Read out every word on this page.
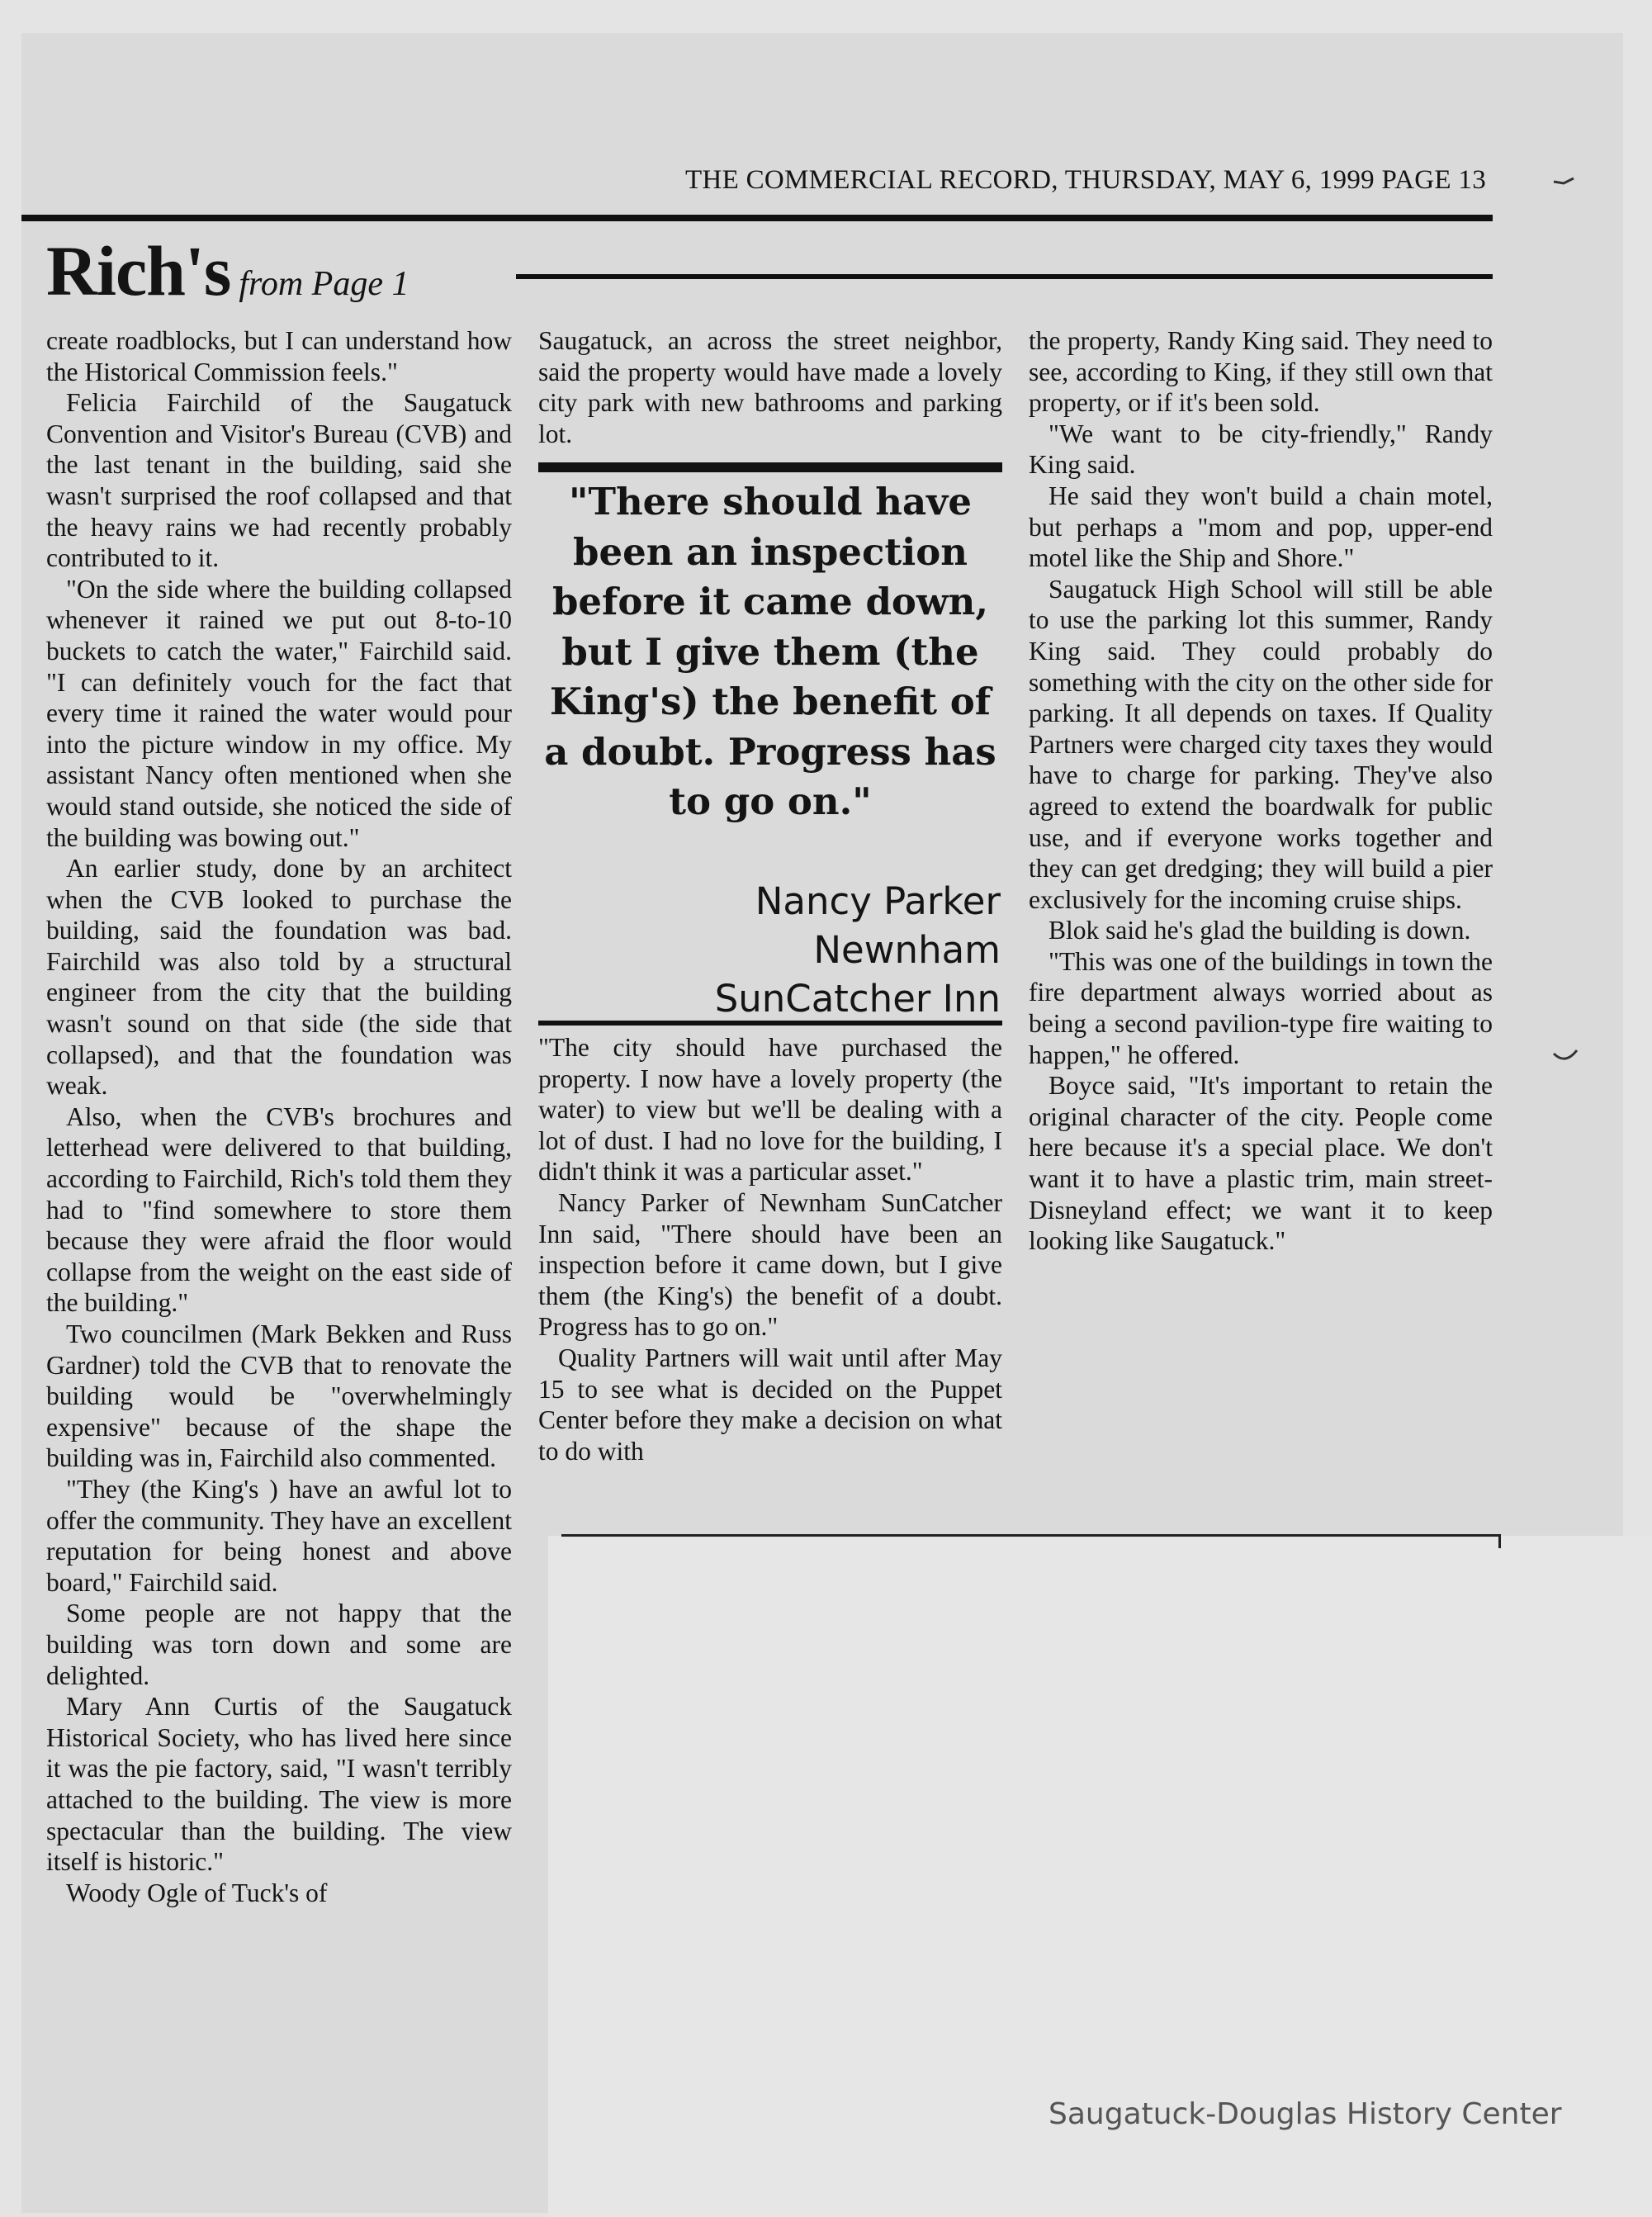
THE COMMERCIAL RECORD, THURSDAY, MAY 6, 1999 PAGE 13
Rich's from Page 1

create roadblocks, but I can understand how the Historical Commission feels."

Felicia Fairchild of the Saugatuck Convention and Visitor's Bureau (CVB) and the last tenant in the building, said she wasn't surprised the roof collapsed and that the heavy rains we had recently probably contributed to it.

"On the side where the building collapsed whenever it rained we put out 8-to-10 buckets to catch the water," Fairchild said. "I can definitely vouch for the fact that every time it rained the water would pour into the picture window in my office. My assistant Nancy often mentioned when she would stand outside, she noticed the side of the building was bowing out."

An earlier study, done by an architect when the CVB looked to purchase the building, said the foundation was bad. Fairchild was also told by a structural engineer from the city that the building wasn't sound on that side (the side that collapsed), and that the foundation was weak.

Also, when the CVB's brochures and letterhead were delivered to that building, according to Fairchild, Rich's told them they had to "find somewhere to store them because they were afraid the floor would collapse from the weight on the east side of the building."

Two councilmen (Mark Bekken and Russ Gardner) told the CVB that to renovate the building would be "overwhelmingly expensive" because of the shape the building was in, Fairchild also commented.

"They (the King's ) have an awful lot to offer the community. They have an excellent reputation for being honest and above board," Fairchild said.

Some people are not happy that the building was torn down and some are delighted.

Mary Ann Curtis of the Saugatuck Historical Society, who has lived here since it was the pie factory, said, "I wasn't terribly attached to the building. The view is more spectacular than the building. The view itself is historic."

Woody Ogle of Tuck's of

Saugatuck, an across the street neighbor, said the property would have made a lovely city park with new bathrooms and parking lot.

"There should have been an inspection before it came down, but I give them (the King's) the benefit of a doubt. Progress has to go on."
Nancy Parker
Newnham
SunCatcher Inn

"The city should have purchased the property. I now have a lovely property (the water) to view but we'll be dealing with a lot of dust. I had no love for the building, I didn't think it was a particular asset."

Nancy Parker of Newnham SunCatcher Inn said, "There should have been an inspection before it came down, but I give them (the King's) the benefit of a doubt. Progress has to go on."

Quality Partners will wait until after May 15 to see what is decided on the Puppet Center before they make a decision on what to do with

the property, Randy King said. They need to see, according to King, if they still own that property, or if it's been sold.

"We want to be city-friendly," Randy King said.

He said they won't build a chain motel, but perhaps a "mom and pop, upper-end motel like the Ship and Shore."

Saugatuck High School will still be able to use the parking lot this summer, Randy King said. They could probably do something with the city on the other side for parking. It all depends on taxes. If Quality Partners were charged city taxes they would have to charge for parking. They've also agreed to extend the boardwalk for public use, and if everyone works together and they can get dredging; they will build a pier exclusively for the incoming cruise ships.

Blok said he's glad the building is down.

"This was one of the buildings in town the fire department always worried about as being a second pavilion-type fire waiting to happen," he offered.

Boyce said, "It's important to retain the original character of the city. People come here because it's a special place. We don't want it to have a plastic trim, main street-Disneyland effect; we want it to keep looking like Saugatuck."

Saugatuck-Douglas History Center
